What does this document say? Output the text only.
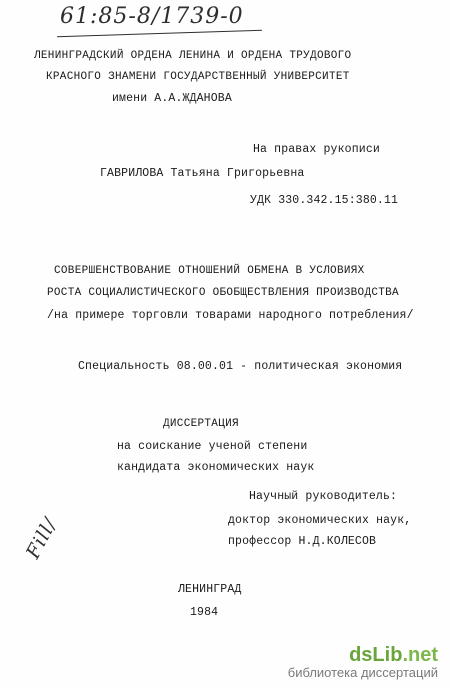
61:85-8/1739-0
ЛЕНИНГРАДСКИЙ ОРДЕНА ЛЕНИНА И ОРДЕНА ТРУДОВОГО
КРАСНОГО ЗНАМЕНИ ГОСУДАРСТВЕННЫЙ УНИВЕРСИТЕТ
имени А.А.ЖДАНОВА
На правах рукописи
ГАВРИЛОВА Татьяна Григорьевна
УДК 330.342.15:380.11
СОВЕРШЕНСТВОВАНИЕ ОТНОШЕНИЙ ОБМЕНА В УСЛОВИЯХ
РОСТА СОЦИАЛИСТИЧЕСКОГО ОБОБЩЕСТВЛЕНИЯ ПРОИЗВОДСТВА
/на примере торговли товарами народного потребления/
Специальность 08.00.01 - политическая экономия
ДИССЕРТАЦИЯ
на соискание ученой степени
кандидата экономических наук
Научный руководитель:
доктор экономических наук,
профессор Н.Д.КОЛЕСОВ
Fill/
ЛЕНИНГРАД
1984
dsLib.net
библиотека диссертаций
